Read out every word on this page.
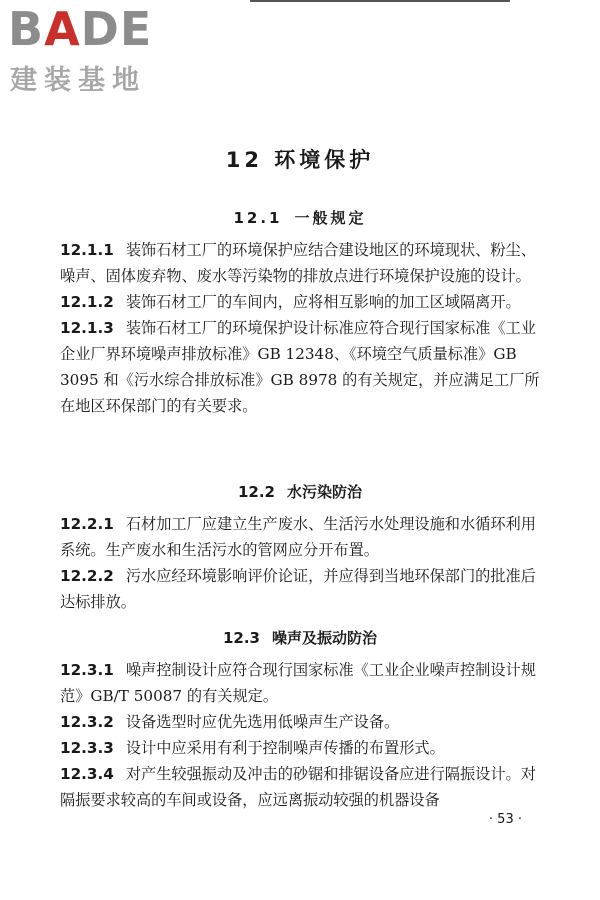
BADE
建装基地
12 环境保护
12.1 一般规定

12.1.1 装饰石材工厂的环境保护应结合建设地区的环境现状、粉尘、噪声、固体废弃物、废水等污染物的排放点进行环境保护设施的设计。

12.1.2 装饰石材工厂的车间内，应将相互影响的加工区域隔离开。

12.1.3 装饰石材工厂的环境保护设计标准应符合现行国家标准《工业企业厂界环境噪声排放标准》GB 12348、《环境空气质量标准》GB 3095 和《污水综合排放标准》GB 8978 的有关规定，并应满足工厂所在地区环保部门的有关要求。

12.2 水污染防治

12.2.1 石材加工厂应建立生产废水、生活污水处理设施和水循环利用系统。生产废水和生活污水的管网应分开布置。

12.2.2 污水应经环境影响评价论证，并应得到当地环保部门的批准后达标排放。

12.3 噪声及振动防治

12.3.1 噪声控制设计应符合现行国家标准《工业企业噪声控制设计规范》GB/T 50087 的有关规定。

12.3.2 设备选型时应优先选用低噪声生产设备。

12.3.3 设计中应采用有利于控制噪声传播的布置形式。

12.3.4 对产生较强振动及冲击的砂锯和排锯设备应进行隔振设计。对隔振要求较高的车间或设备，应远离振动较强的机器设备

· 53 ·
